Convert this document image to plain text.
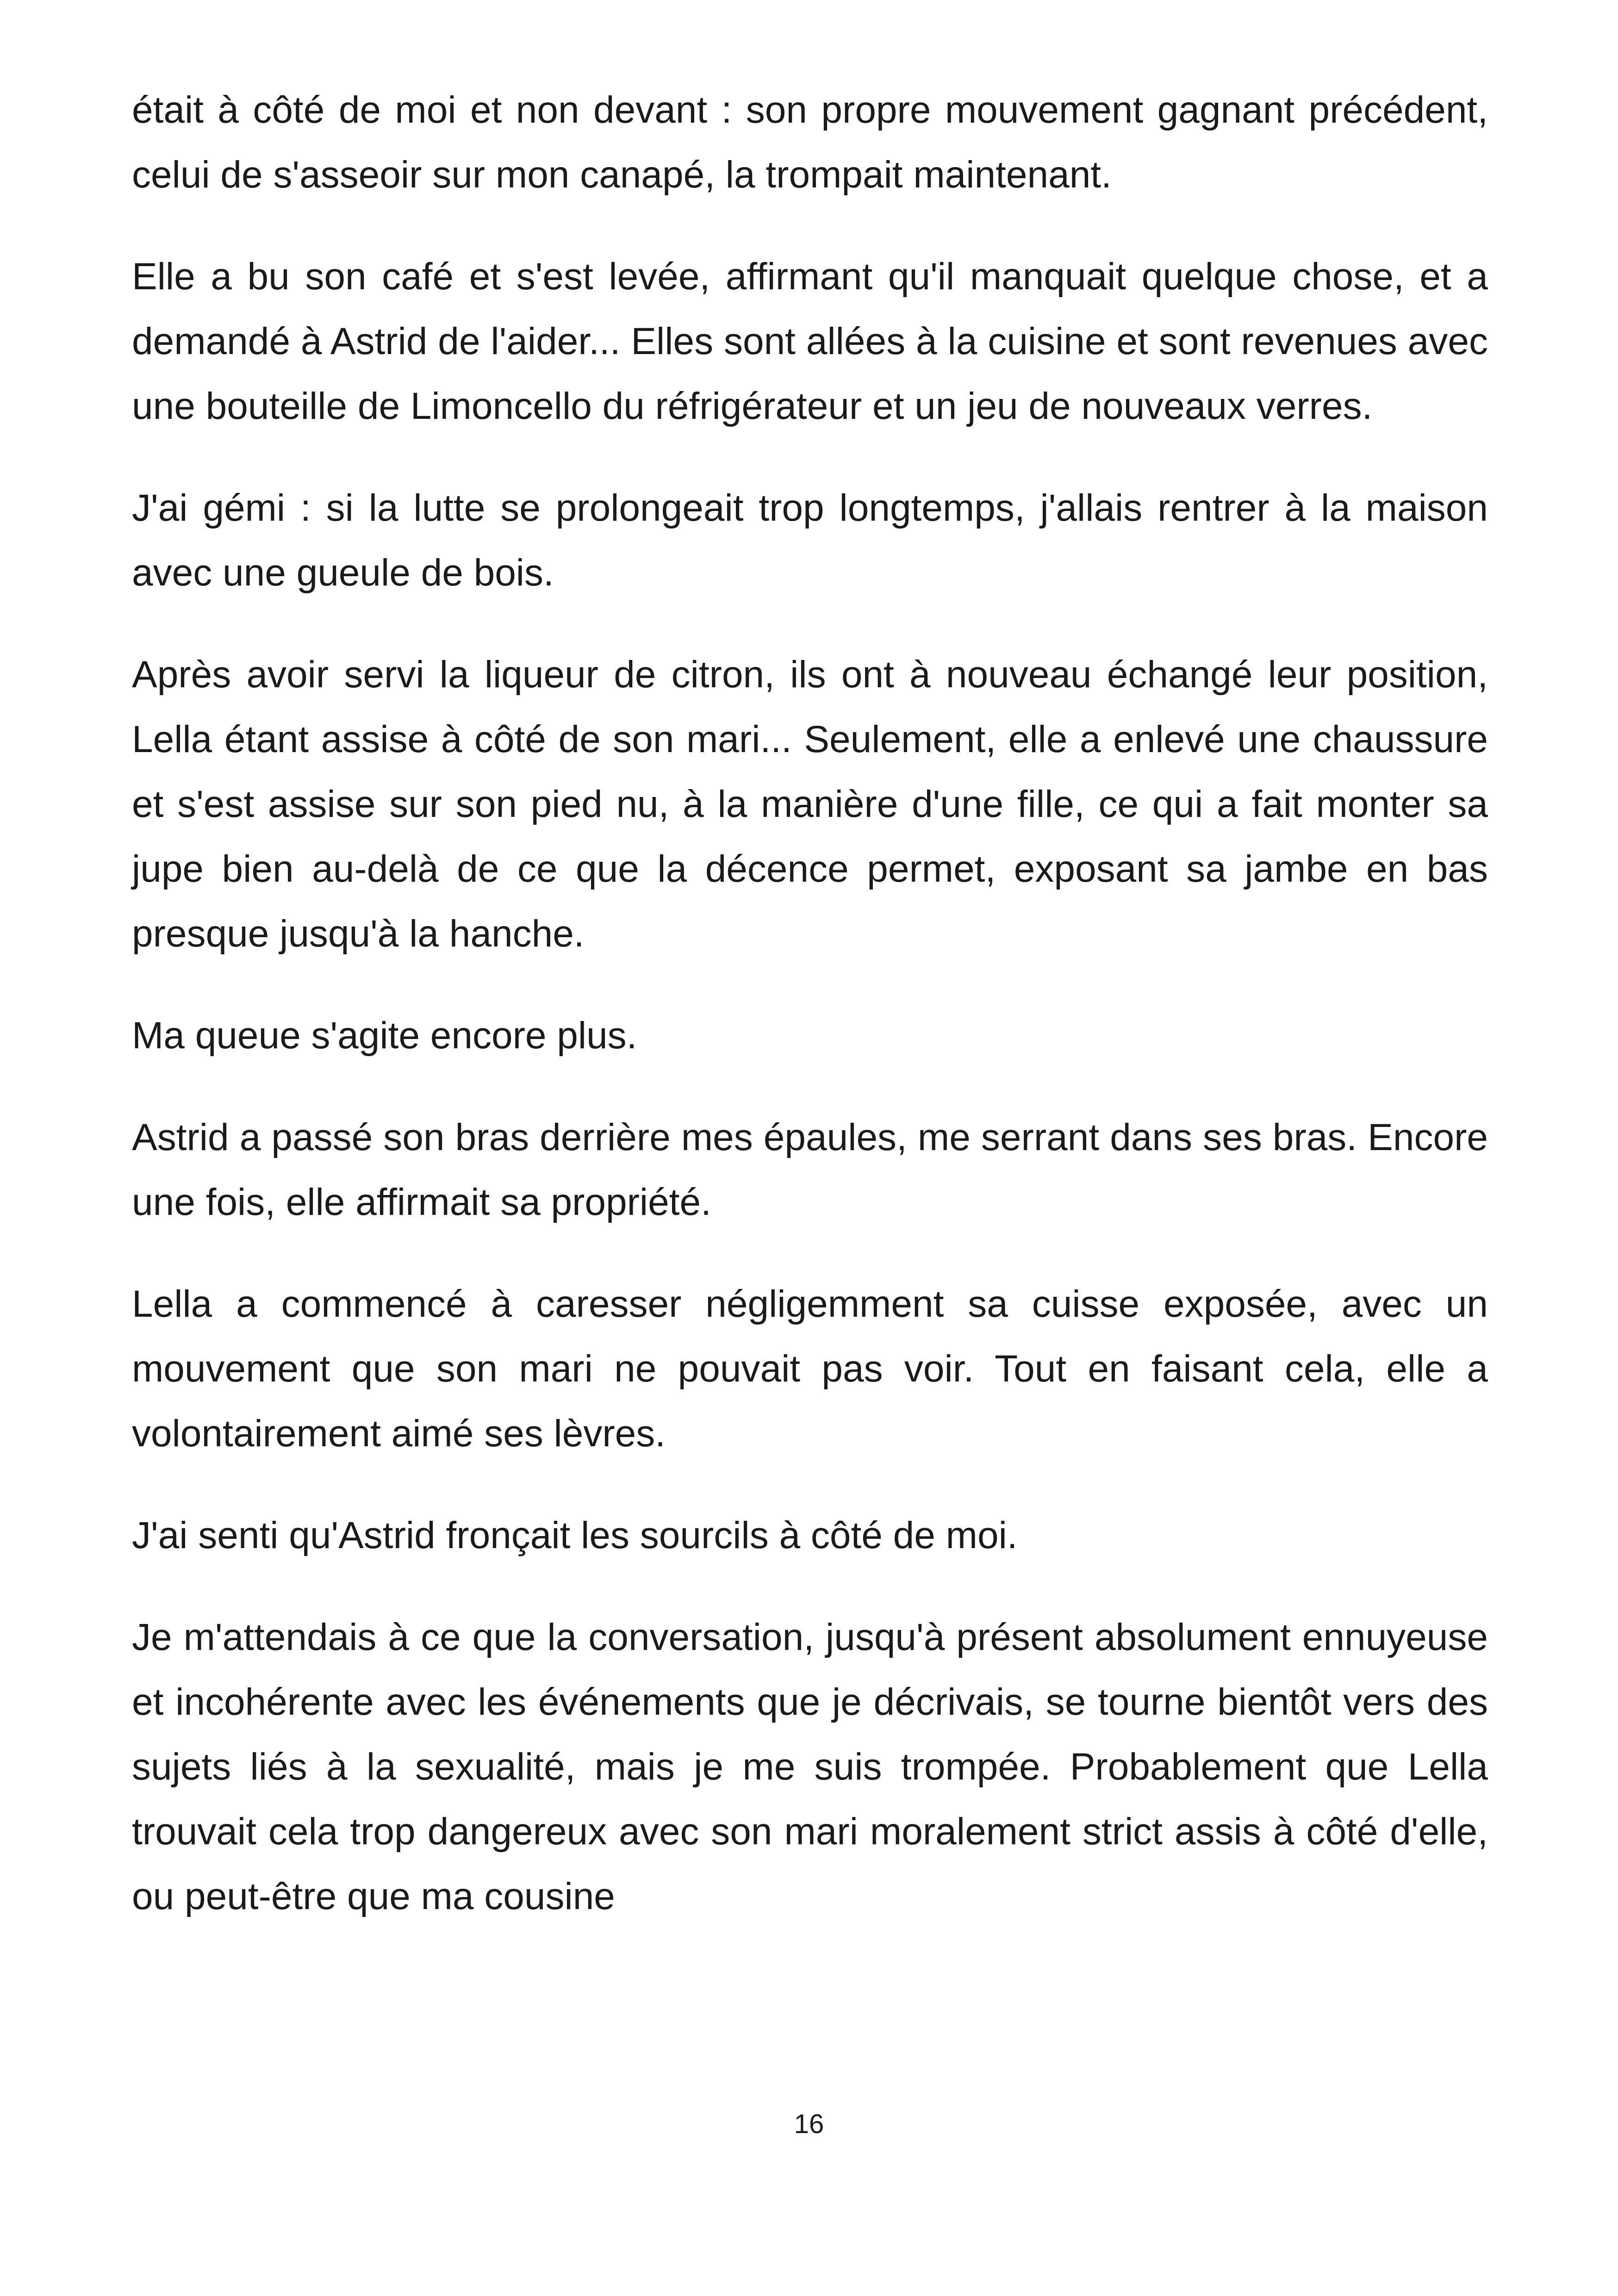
était à côté de moi et non devant : son propre mouvement gagnant précédent, celui de s'asseoir sur mon canapé, la trompait maintenant.

Elle a bu son café et s'est levée, affirmant qu'il manquait quelque chose, et a demandé à Astrid de l'aider... Elles sont allées à la cuisine et sont revenues avec une bouteille de Limoncello du réfrigérateur et un jeu de nouveaux verres.

J'ai gémi : si la lutte se prolongeait trop longtemps, j'allais rentrer à la maison avec une gueule de bois.

Après avoir servi la liqueur de citron, ils ont à nouveau échangé leur position, Lella étant assise à côté de son mari... Seulement, elle a enlevé une chaussure et s'est assise sur son pied nu, à la manière d'une fille, ce qui a fait monter sa jupe bien au-delà de ce que la décence permet, exposant sa jambe en bas presque jusqu'à la hanche.

Ma queue s'agite encore plus.

Astrid a passé son bras derrière mes épaules, me serrant dans ses bras. Encore une fois, elle affirmait sa propriété.

Lella a commencé à caresser négligemment sa cuisse exposée, avec un mouvement que son mari ne pouvait pas voir. Tout en faisant cela, elle a volontairement aimé ses lèvres.

J'ai senti qu'Astrid fronçait les sourcils à côté de moi.

Je m'attendais à ce que la conversation, jusqu'à présent absolument ennuyeuse et incohérente avec les événements que je décrivais, se tourne bientôt vers des sujets liés à la sexualité, mais je me suis trompée. Probablement que Lella trouvait cela trop dangereux avec son mari moralement strict assis à côté d'elle, ou peut-être que ma cousine

16
